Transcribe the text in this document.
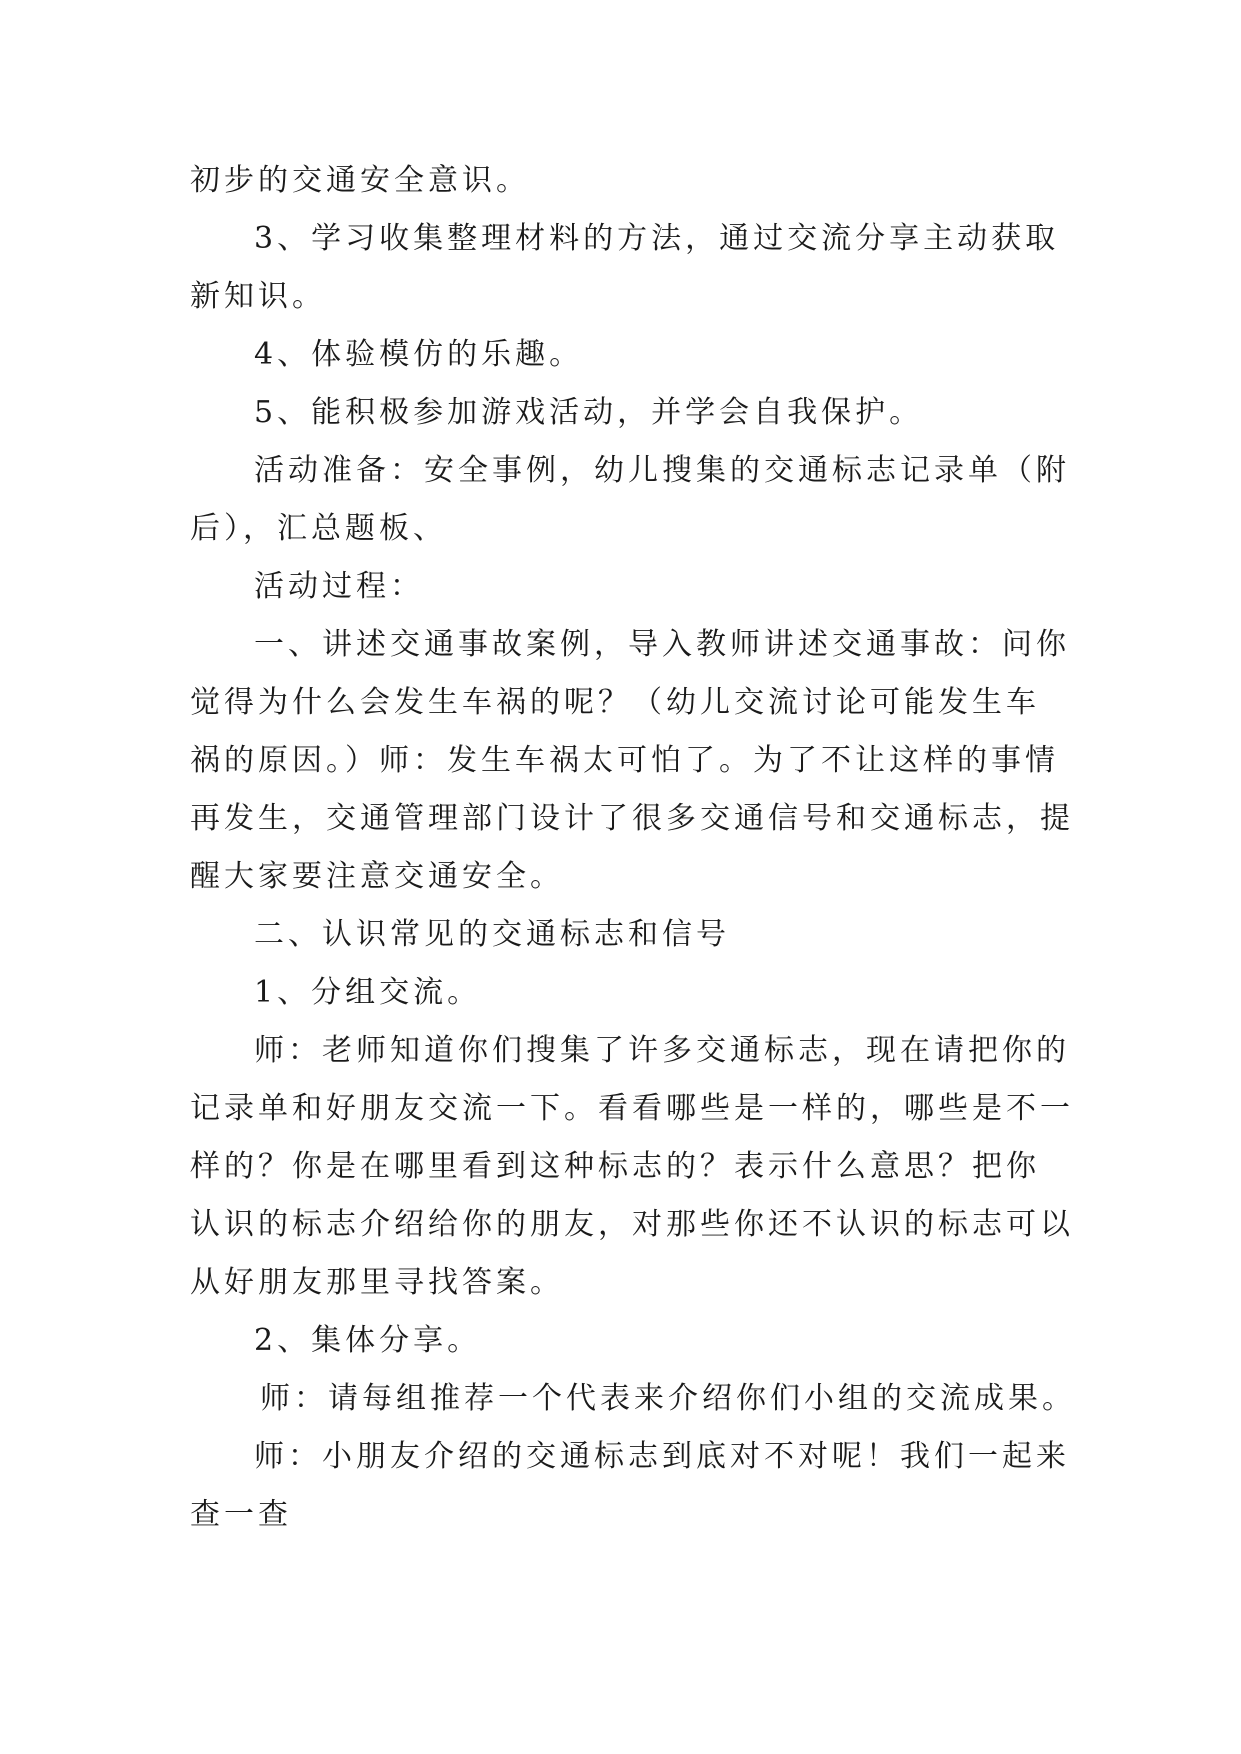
初步的交通安全意识。
3、学习收集整理材料的方法，通过交流分享主动获取
新知识。
4、体验模仿的乐趣。
5、能积极参加游戏活动，并学会自我保护。
活动准备：安全事例，幼儿搜集的交通标志记录单（附
后），汇总题板、
活动过程：
一、讲述交通事故案例，导入教师讲述交通事故：问你
觉得为什么会发生车祸的呢？（幼儿交流讨论可能发生车
祸的原因。）师：发生车祸太可怕了。为了不让这样的事情
再发生，交通管理部门设计了很多交通信号和交通标志，提
醒大家要注意交通安全。
二、认识常见的交通标志和信号
1、分组交流。
师：老师知道你们搜集了许多交通标志，现在请把你的
记录单和好朋友交流一下。看看哪些是一样的，哪些是不一
样的？你是在哪里看到这种标志的？表示什么意思？把你
认识的标志介绍给你的朋友，对那些你还不认识的标志可以
从好朋友那里寻找答案。
2、集体分享。
师：请每组推荐一个代表来介绍你们小组的交流成果。
师：小朋友介绍的交通标志到底对不对呢！我们一起来
查一查
